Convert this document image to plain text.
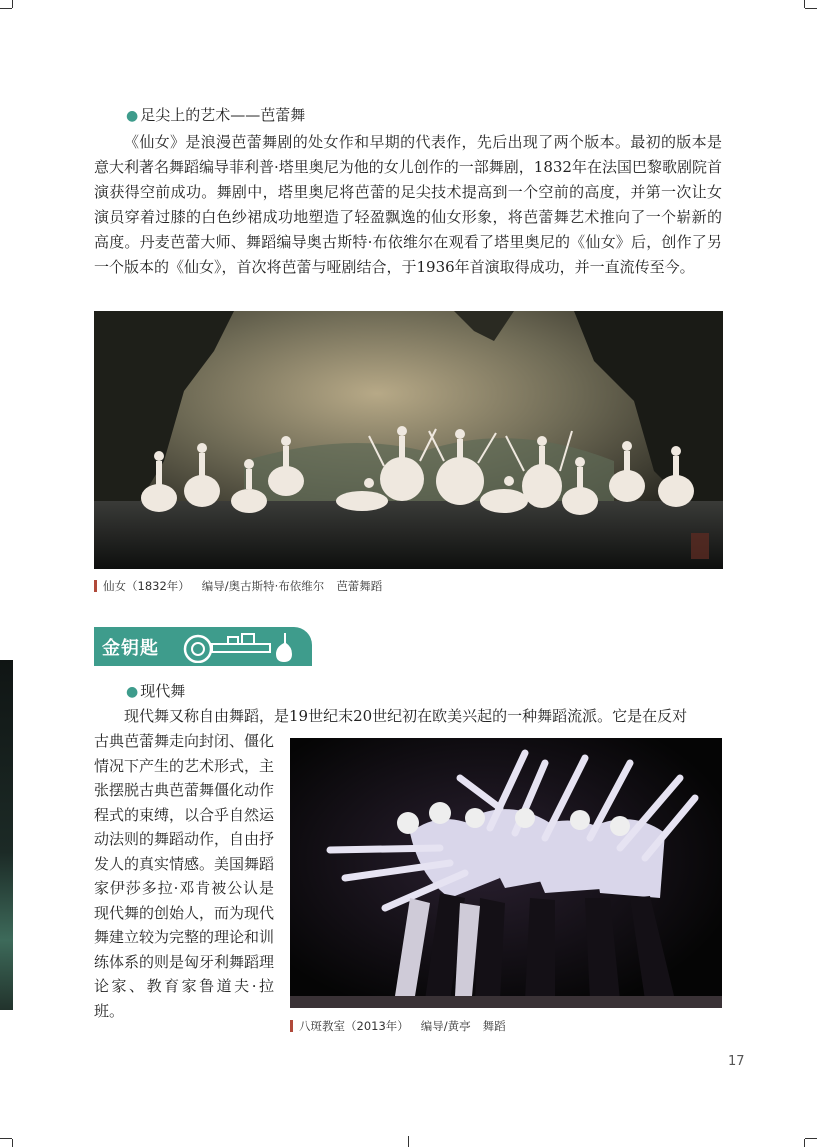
● 足尖上的艺术——芭蕾舞

《仙女》是浪漫芭蕾舞剧的处女作和早期的代表作，先后出现了两个版本。最初的版本是意大利著名舞蹈编导菲利普·塔里奥尼为他的女儿创作的一部舞剧，1832年在法国巴黎歌剧院首演获得空前成功。舞剧中，塔里奥尼将芭蕾的足尖技术提高到一个空前的高度，并第一次让女演员穿着过膝的白色纱裙成功地塑造了轻盈飘逸的仙女形象，将芭蕾舞艺术推向了一个崭新的高度。丹麦芭蕾大师、舞蹈编导奥古斯特·布依维尔在观看了塔里奥尼的《仙女》后，创作了另一个版本的《仙女》，首次将芭蕾与哑剧结合，于1936年首演取得成功，并一直流传至今。

仙女（1832年） 编导/奥古斯特·布依维尔 芭蕾舞蹈
金钥匙
● 现代舞
现代舞又称自由舞蹈，是19世纪末20世纪初在欧美兴起的一种舞蹈流派。它是在反对
古典芭蕾舞走向封闭、僵化情况下产生的艺术形式，主张摆脱古典芭蕾舞僵化动作程式的束缚，以合乎自然运动法则的舞蹈动作，自由抒发人的真实情感。美国舞蹈家伊莎多拉·邓肯被公认是现代舞的创始人，而为现代舞建立较为完整的理论和训练体系的则是匈牙利舞蹈理论家、教育家鲁道夫·拉班。
八斑教室（2013年） 编导/黄亭 舞蹈
17
